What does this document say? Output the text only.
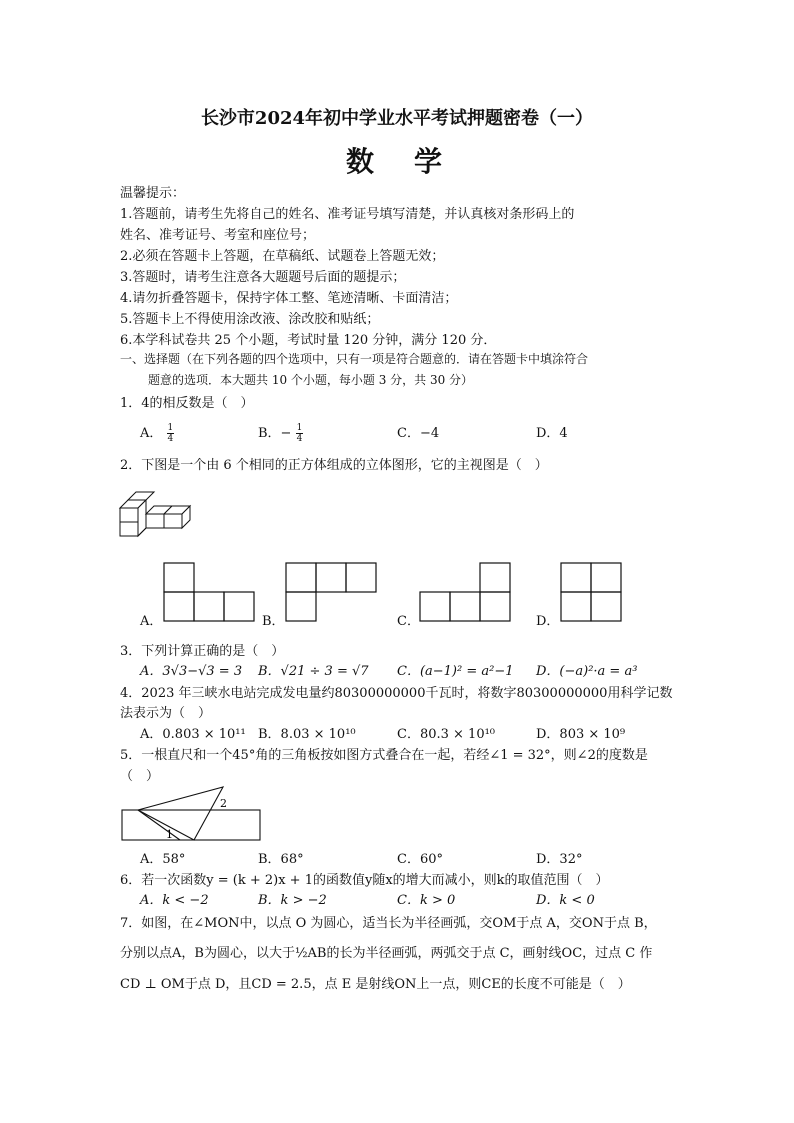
长沙市2024年初中学业水平考试押题密卷（一）
数　学
温馨提示：
1.答题前，请考生先将自己的姓名、准考证号填写清楚，并认真核对条形码上的
姓名、准考证号、考室和座位号；
2.必须在答题卡上答题，在草稿纸、试题卷上答题无效；
3.答题时，请考生注意各大题题号后面的题提示；
4.请勿折叠答题卡，保持字体工整、笔迹清晰、卡面清洁；
5.答题卡上不得使用涂改液、涂改胶和贴纸；
6.本学科试卷共 25 个小题，考试时量 120 分钟，满分 120 分．
一、选择题（在下列各题的四个选项中，只有一项是符合题意的．请在答题卡中填涂符合
题意的选项．本大题共 10 个小题，每小题 3 分，共 30 分）
1．4的相反数是（　）
A． $\frac{1}{4}$	B．− $\frac{1}{4}$	C．−4	D．4
2．下图是一个由 6 个相同的正方体组成的立体图形，它的主视图是（　）
A．	B．	C．	D．
3．下列计算正确的是（　）
A．3√3−√3 = 3 B．√21 ÷ 3 = √7 C．(a−1)² = a²−1 D．(−a)²·a = a³
4．2023 年三峡水电站完成发电量约80300000000千瓦时，将数字80300000000用科学记数
法表示为（　）
A．0.803 × 10¹¹ B．8.03 × 10¹⁰	C．80.3 × 10¹⁰	D．803 × 10⁹
5．一根直尺和一个45°角的三角板按如图方式叠合在一起，若经∠1 = 32°，则∠2的度数是
（　）
1
2
A．58°	B．68°	C．60°	D．32°
6．若一次函数y = (k + 2)x + 1的函数值y随x的增大而减小，则k的取值范围（　）
A．k < −2	B．k > −2	C．k > 0	D．k < 0
7．如图，在∠MON中，以点 O 为圆心，适当长为半径画弧，交OM于点 A，交ON于点 B，
分别以点A，B为圆心，以大于½AB的长为半径画弧，两弧交于点 C，画射线OC，过点 C 作
CD ⊥ OM于点 D，且CD = 2.5，点 E 是射线ON上一点，则CE的长度不可能是（　）
